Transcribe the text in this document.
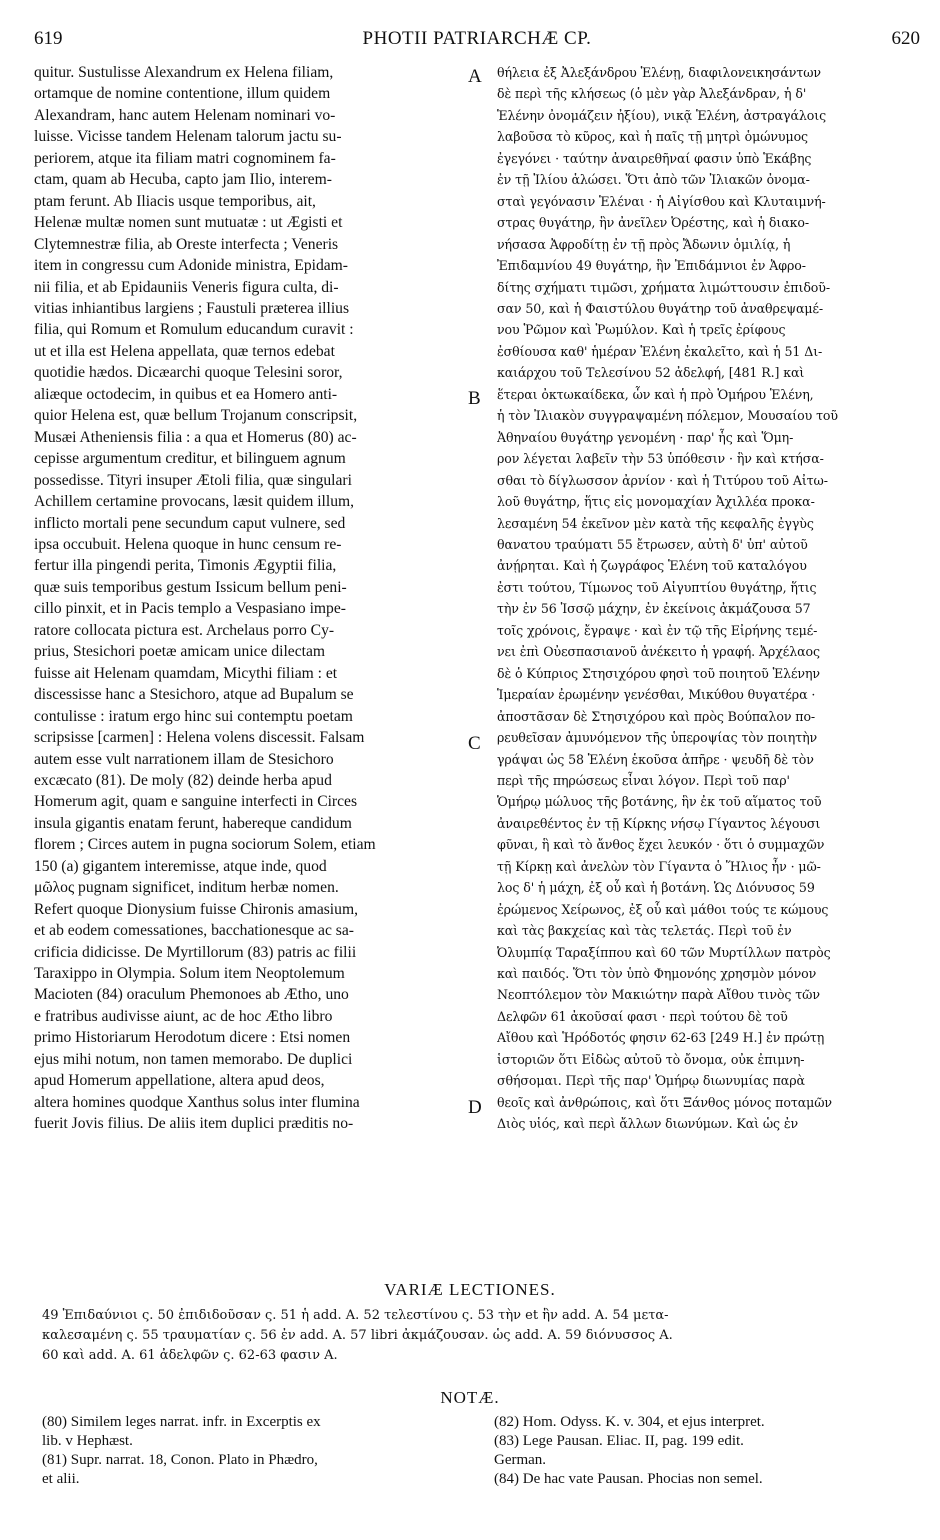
619	PHOTII PATRIARCHÆ CP.	620
quitur. Sustulisse Alexandrum ex Helena filiam,
ortamque de nomine contentione, illum quidem
Alexandram, hanc autem Helenam nominari vo-
luisse. Vicisse tandem Helenam talorum jactu su-
periorem, atque ita filiam matri cognominem fa-
ctam, quam ab Hecuba, capto jam Ilio, interem-
ptam ferunt. Ab Iliacis usque temporibus, ait,
Helenæ multæ nomen sunt mutuatæ : ut Ægisti et
Clytemnestræ filia, ab Oreste interfecta ; Veneris
item in congressu cum Adonide ministra, Epidam-
nii filia, et ab Epidauniis Veneris figura culta, di-
vitias inhiantibus largiens ; Faustuli præterea illius
filia, qui Romum et Romulum educandum curavit :
ut et illa est Helena appellata, quæ ternos edebat
quotidie hædos. Dicæarchi quoque Telesini soror,
aliæque octodecim, in quibus et ea Homero anti-
quior Helena est, quæ bellum Trojanum conscripsit,
Musæi Atheniensis filia : a qua et Homerus (80) ac-
cepisse argumentum creditur, et bilinguem agnum
possedisse. Tityri insuper Ætoli filia, quæ singulari
Achillem certamine provocans, læsit quidem illum,
inflicto mortali pene secundum caput vulnere, sed
ipsa occubuit. Helena quoque in hunc censum re-
fertur illa pingendi perita, Timonis Ægyptii filia,
quæ suis temporibus gestum Issicum bellum peni-
cillo pinxit, et in Pacis templo a Vespasiano impe-
ratore collocata pictura est. Archelaus porro Cy-
prius, Stesichori poetæ amicam unice dilectam
fuisse ait Helenam quamdam, Micythi filiam : et
discessisse hanc a Stesichoro, atque ad Bupalum se
contulisse : iratum ergo hinc sui contemptu poetam
scripsisse [carmen] : Helena volens discessit. Falsam
autem esse vult narrationem illam de Stesichoro
excæcato (81). De moly (82) deinde herba apud
Homerum agit, quam e sanguine interfecti in Circes
insula gigantis enatam ferunt, habereque candidum
florem ; Circes autem in pugna sociorum Solem, etiam
150 (a) gigantem interemisse, atque inde, quod
μῶλος pugnam significet, inditum herbæ nomen.
Refert quoque Dionysium fuisse Chironis amasium,
et ab eodem comessationes, bacchationesque ac sa-
crificia didicisse. De Myrtillorum (83) patris ac filii
Taraxippo in Olympia. Solum item Neoptolemum
Macioten (84) oraculum Phemonoes ab Ætho, uno
e fratribus audivisse aiunt, ac de hoc Ætho libro
primo Historiarum Herodotum dicere : Etsi nomen
ejus mihi notum, non tamen memorabo. De duplici
apud Homerum appellatione, altera apud deos,
altera homines quodque Xanthus solus inter flumina
fuerit Jovis filius. De aliis item duplici præditis no-
θήλεια ἐξ Ἀλεξάνδρου Ἑλένῃ, διαφιλονεικησάντων
δὲ περὶ τῆς κλήσεως (ὁ μὲν γὰρ Ἀλεξάνδραν, ἡ δ'
Ἑλένην ὀνομάζειν ἠξίου), νικᾷ Ἑλένη, ἀστραγάλοις
λαβοῦσα τὸ κῦρος, καὶ ἡ παῖς τῇ μητρὶ ὁμώνυμος
ἐγεγόνει · ταύτην ἀναιρεθῆναί φασιν ὑπὸ Ἑκάβης
ἐν τῇ Ἰλίου ἁλώσει. Ὅτι ἀπὸ τῶν Ἰλιακῶν ὀνομα-
σταὶ γεγόνασιν Ἑλέναι · ἡ Αἰγίσθου καὶ Κλυταιμνή-
στρας θυγάτηρ, ἣν ἀνεῖλεν Ὀρέστης, καὶ ἡ διακο-
νήσασα Ἀφροδίτῃ ἐν τῇ πρὸς Ἄδωνιν ὁμιλίᾳ, ἡ
Ἐπιδαμνίου 49 θυγάτηρ, ἣν Ἐπιδάμνιοι ἐν Ἀφρο-
δίτης σχήματι τιμῶσι, χρήματα λιμώττουσιν ἐπιδοῦ-
σαν 50, καὶ ἡ Φαιστύλου θυγάτηρ τοῦ ἀναθρεψαμέ-
νου Ῥῶμον καὶ Ῥωμύλον. Καὶ ἡ τρεῖς ἐρίφους
ἐσθίουσα καθ' ἡμέραν Ἑλένη ἐκαλεῖτο, καὶ ἡ 51 Δι-
καιάρχου τοῦ Τελεσίνου 52 ἀδελφή, [481 R.] καὶ
ἕτεραι ὀκτωκαίδεκα, ὧν καὶ ἡ πρὸ Ὁμήρου Ἑλένη,
ἡ τὸν Ἰλιακὸν συγγραψαμένη πόλεμον, Μουσαίου τοῦ
Ἀθηναίου θυγάτηρ γενομένη · παρ' ἧς καὶ Ὅμη-
ρον λέγεται λαβεῖν τὴν 53 ὑπόθεσιν · ἣν καὶ κτήσα-
σθαι τὸ δίγλωσσον ἀρνίον · καὶ ἡ Τιτύρου τοῦ Αἰτω-
λοῦ θυγάτηρ, ἥτις εἰς μονομαχίαν Ἀχιλλέα προκα-
λεσαμένη 54 ἐκεῖνον μὲν κατὰ τῆς κεφαλῆς ἐγγὺς
θανατου τραύματι 55 ἔτρωσεν, αὐτὴ δ' ὑπ' αὐτοῦ
ἀνῄρηται. Καὶ ἡ ζωγράφος Ἑλένη τοῦ καταλόγου
ἐστι τούτου, Τίμωνος τοῦ Αἰγυπτίου θυγάτηρ, ἥτις
τὴν ἐν 56 Ἰσσῷ μάχην, ἐν ἐκείνοις ἀκμάζουσα 57
τοῖς χρόνοις, ἔγραψε · καὶ ἐν τῷ τῆς Εἰρήνης τεμέ-
νει ἐπὶ Οὐεσπασιανοῦ ἀνέκειτο ἡ γραφή. Ἀρχέλαος
δὲ ὁ Κύπριος Στησιχόρου φησὶ τοῦ ποιητοῦ Ἑλένην
Ἱμεραίαν ἐρωμένην γενέσθαι, Μικύθου θυγατέρα ·
ἀποστᾶσαν δὲ Στησιχόρου καὶ πρὸς Βούπαλον πο-
ρευθεῖσαν ἀμυνόμενον τῆς ὑπεροψίας τὸν ποιητὴν
γράψαι ὡς 58 Ἑλένη ἑκοῦσα ἀπῆρε · ψευδῆ δὲ τὸν
περὶ τῆς πηρώσεως εἶναι λόγον. Περὶ τοῦ παρ'
Ὁμήρῳ μώλυος τῆς βοτάνης, ἣν ἐκ τοῦ αἵματος τοῦ
ἀναιρεθέντος ἐν τῇ Κίρκης νήσῳ Γίγαντος λέγουσι
φῦναι, ἣ καὶ τὸ ἄνθος ἔχει λευκόν · ὅτι ὁ συμμαχῶν
τῇ Κίρκῃ καὶ ἀνελὼν τὸν Γίγαντα ὁ Ἥλιος ἦν · μῶ-
λος δ' ἡ μάχη, ἐξ οὗ καὶ ἡ βοτάνη. Ὡς Διόνυσος 59
ἐρώμενος Χείρωνος, ἐξ οὗ καὶ μάθοι τούς τε κώμους
καὶ τὰς βακχείας καὶ τὰς τελετάς. Περὶ τοῦ ἐν
Ὀλυμπίᾳ Ταραξίππου καὶ 60 τῶν Μυρτίλλων πατρὸς
καὶ παιδός. Ὅτι τὸν ὑπὸ Φημονόης χρησμὸν μόνον
Νεοπτόλεμον τὸν Μακιώτην παρὰ Αἴθου τινὸς τῶν
Δελφῶν 61 ἀκοῦσαί φασι · περὶ τούτου δὲ τοῦ
Αἴθου καὶ Ἡρόδοτός φησιν 62-63 [249 H.] ἐν πρώτῃ
ἱστοριῶν ὅτι Εἰδὼς αὐτοῦ τὸ ὄνομα, οὐκ ἐπιμνη-
σθήσομαι. Περὶ τῆς παρ' Ὁμήρῳ διωνυμίας παρὰ
θεοῖς καὶ ἀνθρώποις, καὶ ὅτι Ξάνθος μόνος ποταμῶν
Διὸς υἱός, καὶ περὶ ἄλλων διωνύμων. Καὶ ὡς ἐν
A
B
C
D
VARIÆ LECTIONES.
49 Ἐπιδαύνιοι ς. 50 ἐπιδιδοῦσαν ς. 51 ἡ add. A. 52 τελεστίνου ς. 53 τὴν et ἣν add. A. 54 μετα-
καλεσαμένη ς. 55 τραυματίαν ς. 56 ἐν add. A. 57 libri ἀκμάζουσαν. ὡς add. A. 59 διόνυσσος A.
60 καὶ add. A. 61 ἀδελφῶν ς. 62-63 φασιν A.
NOTÆ.
(80) Similem leges narrat. infr. in Excerptis ex
lib. v Hephæst.
(81) Supr. narrat. 18, Conon. Plato in Phædro,
et alii.
(82) Hom. Odyss. K. v. 304, et ejus interpret.
(83) Lege Pausan. Eliac. II, pag. 199 edit.
German.
(84) De hac vate Pausan. Phocias non semel.
